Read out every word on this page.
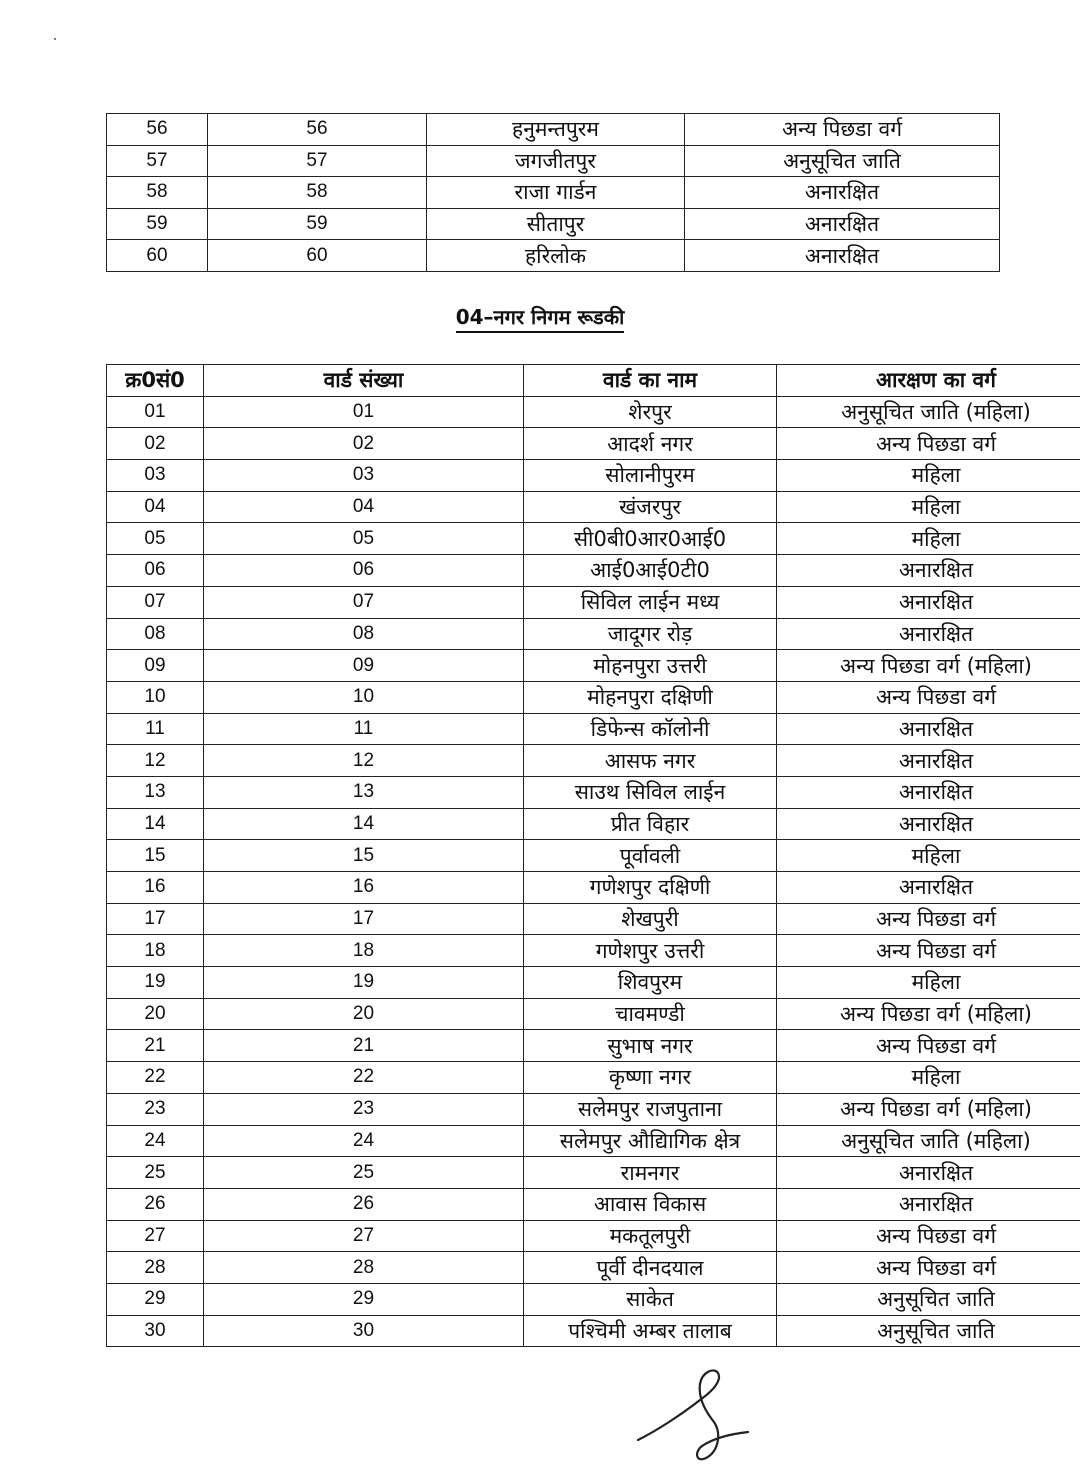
56	56	हनुमन्तपुरम	अन्य पिछडा वर्ग
57	57	जगजीतपुर	अनुसूचित जाति
58	58	राजा गार्डन	अनारक्षित
59	59	सीतापुर	अनारक्षित
60	60	हरिलोक	अनारक्षित
04–नगर निगम रूडकी
क्र0सं0	वार्ड संख्या	वार्ड का नाम	आरक्षण का वर्ग
01	01	शेरपुर	अनुसूचित जाति (महिला)
02	02	आदर्श नगर	अन्य पिछडा वर्ग
03	03	सोलानीपुरम	महिला
04	04	खंजरपुर	महिला
05	05	सी0बी0आर0आई0	महिला
06	06	आई0आई0टी0	अनारक्षित
07	07	सिविल लाईन मध्य	अनारक्षित
08	08	जादूगर रोड़	अनारक्षित
09	09	मोहनपुरा उत्तरी	अन्य पिछडा वर्ग (महिला)
10	10	मोहनपुरा दक्षिणी	अन्य पिछडा वर्ग
11	11	डिफेन्स कॉलोनी	अनारक्षित
12	12	आसफ नगर	अनारक्षित
13	13	साउथ सिविल लाईन	अनारक्षित
14	14	प्रीत विहार	अनारक्षित
15	15	पूर्वावली	महिला
16	16	गणेशपुर दक्षिणी	अनारक्षित
17	17	शेखपुरी	अन्य पिछडा वर्ग
18	18	गणेशपुर उत्तरी	अन्य पिछडा वर्ग
19	19	शिवपुरम	महिला
20	20	चावमण्डी	अन्य पिछडा वर्ग (महिला)
21	21	सुभाष नगर	अन्य पिछडा वर्ग
22	22	कृष्णा नगर	महिला
23	23	सलेमपुर राजपुताना	अन्य पिछडा वर्ग (महिला)
24	24	सलेमपुर औद्यिागिक क्षेत्र	अनुसूचित जाति (महिला)
25	25	रामनगर	अनारक्षित
26	26	आवास विकास	अनारक्षित
27	27	मकतूलपुरी	अन्य पिछडा वर्ग
28	28	पूर्वी दीनदयाल	अन्य पिछडा वर्ग
29	29	साकेत	अनुसूचित जाति
30	30	पश्चिमी अम्बर तालाब	अनुसूचित जाति
